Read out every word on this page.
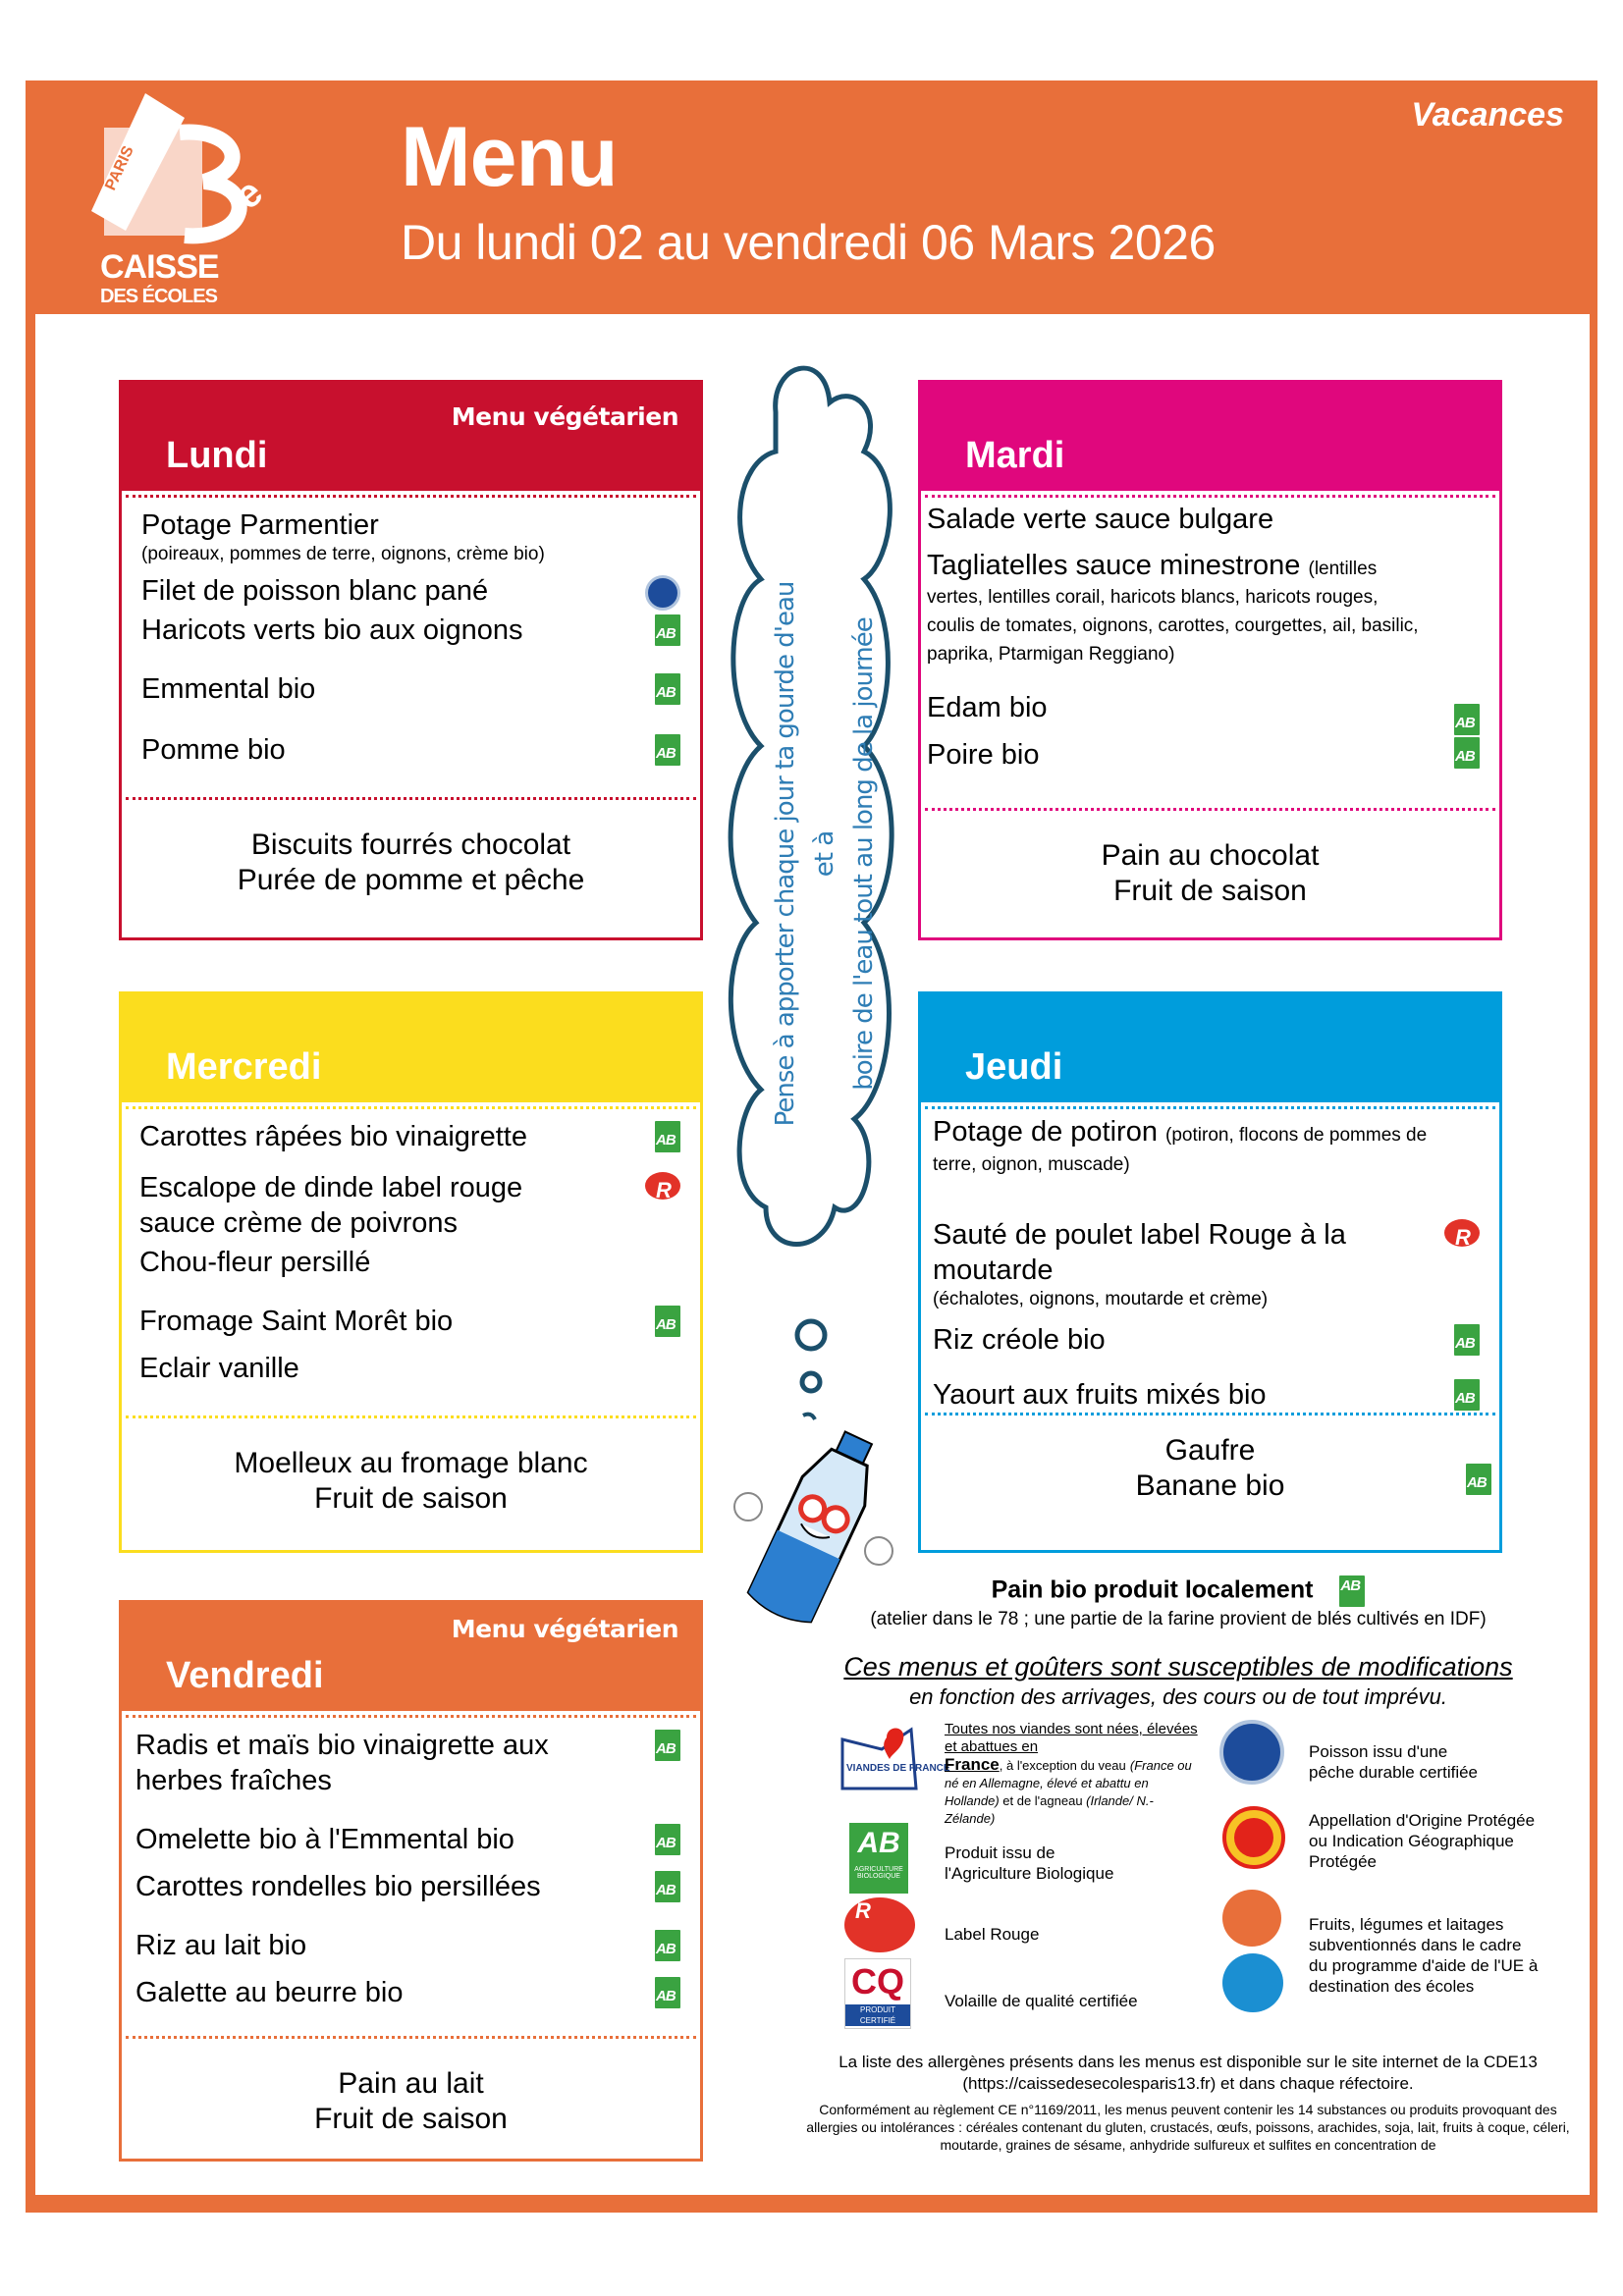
e
PARIS
CAISSE
DES ÉCOLES
Menu
Du lundi 02 au vendredi 06 Mars 2026
Vacances
Menu végétarien
Lundi
Potage Parmentier
(poireaux, pommes de terre, oignons, crème bio)
Filet de poisson blanc pané
Haricots verts bio aux oignons
AB
Emmental bio
AB
Pomme bio
AB
Biscuits fourrés chocolat
Purée de pomme et pêche
Mardi
Salade verte sauce bulgare
Tagliatelles sauce minestrone (lentilles vertes, lentilles corail, haricots blancs, haricots rouges, coulis de tomates, oignons, carottes, courgettes, ail, basilic, paprika, Ptarmigan Reggiano)
Edam bio
AB
Poire bio
AB
Pain au chocolat
Fruit de saison
Mercredi
Carottes râpées bio vinaigrette
AB
Escalope de dinde label rouge sauce crème de poivrons
R
Chou-fleur persillé
Fromage Saint Morêt bio
AB
Eclair vanille
Moelleux au fromage blanc
Fruit de saison
Jeudi
Potage de potiron (potiron, flocons de pommes de terre, oignon, muscade)
Sauté de poulet label Rouge à la moutarde
(échalotes, oignons, moutarde et crème)
R
Riz créole bio
AB
Yaourt aux fruits mixés bio
AB
Gaufre
Banane bio
AB
Menu végétarien
Vendredi
Radis et maïs bio vinaigrette aux herbes fraîches
AB
Omelette bio à l'Emmental bio
AB
Carottes rondelles bio persillées
AB
Riz au lait bio
AB
Galette au beurre bio
AB
Pain au lait
Fruit de saison
Pense à apporter chaque jour ta gourde d'eau et à boire de l'eau tout au long de la journée
Pain bio produit localement AB
(atelier dans le 78 ; une partie de la farine provient de blés cultivés en IDF)
Ces menus et goûters sont susceptibles de modifications
en fonction des arrivages, des cours ou de tout imprévu.
VIANDES DE FRANCE
Toutes nos viandes sont nées, élevées et abattues en
France, à l'exception du veau (France ou né en Allemagne, élevé et abattu en Hollande) et de l'agneau (Irlande/ N.-Zélande)
AB
AGRICULTURE BIOLOGIQUE
Produit issu de l'Agriculture Biologique
R
Label Rouge
CQ
PRODUIT CERTIFIÉ
Volaille de qualité certifiée
Poisson issu d'une pêche durable certifiée
Appellation d'Origine Protégée ou Indication Géographique Protégée
Fruits, légumes et laitages subventionnés dans le cadre du programme d'aide de l'UE à destination des écoles
La liste des allergènes présents dans les menus est disponible sur le site internet de la CDE13
(https://caissedesecolesparis13.fr) et dans chaque réfectoire.
Conformément au règlement CE n°1169/2011, les menus peuvent contenir les 14 substances ou produits provoquant des allergies ou intolérances : céréales contenant du gluten, crustacés, œufs, poissons, arachides, soja, lait, fruits à coque, céleri, moutarde, graines de sésame, anhydride sulfureux et sulfites en concentration de
